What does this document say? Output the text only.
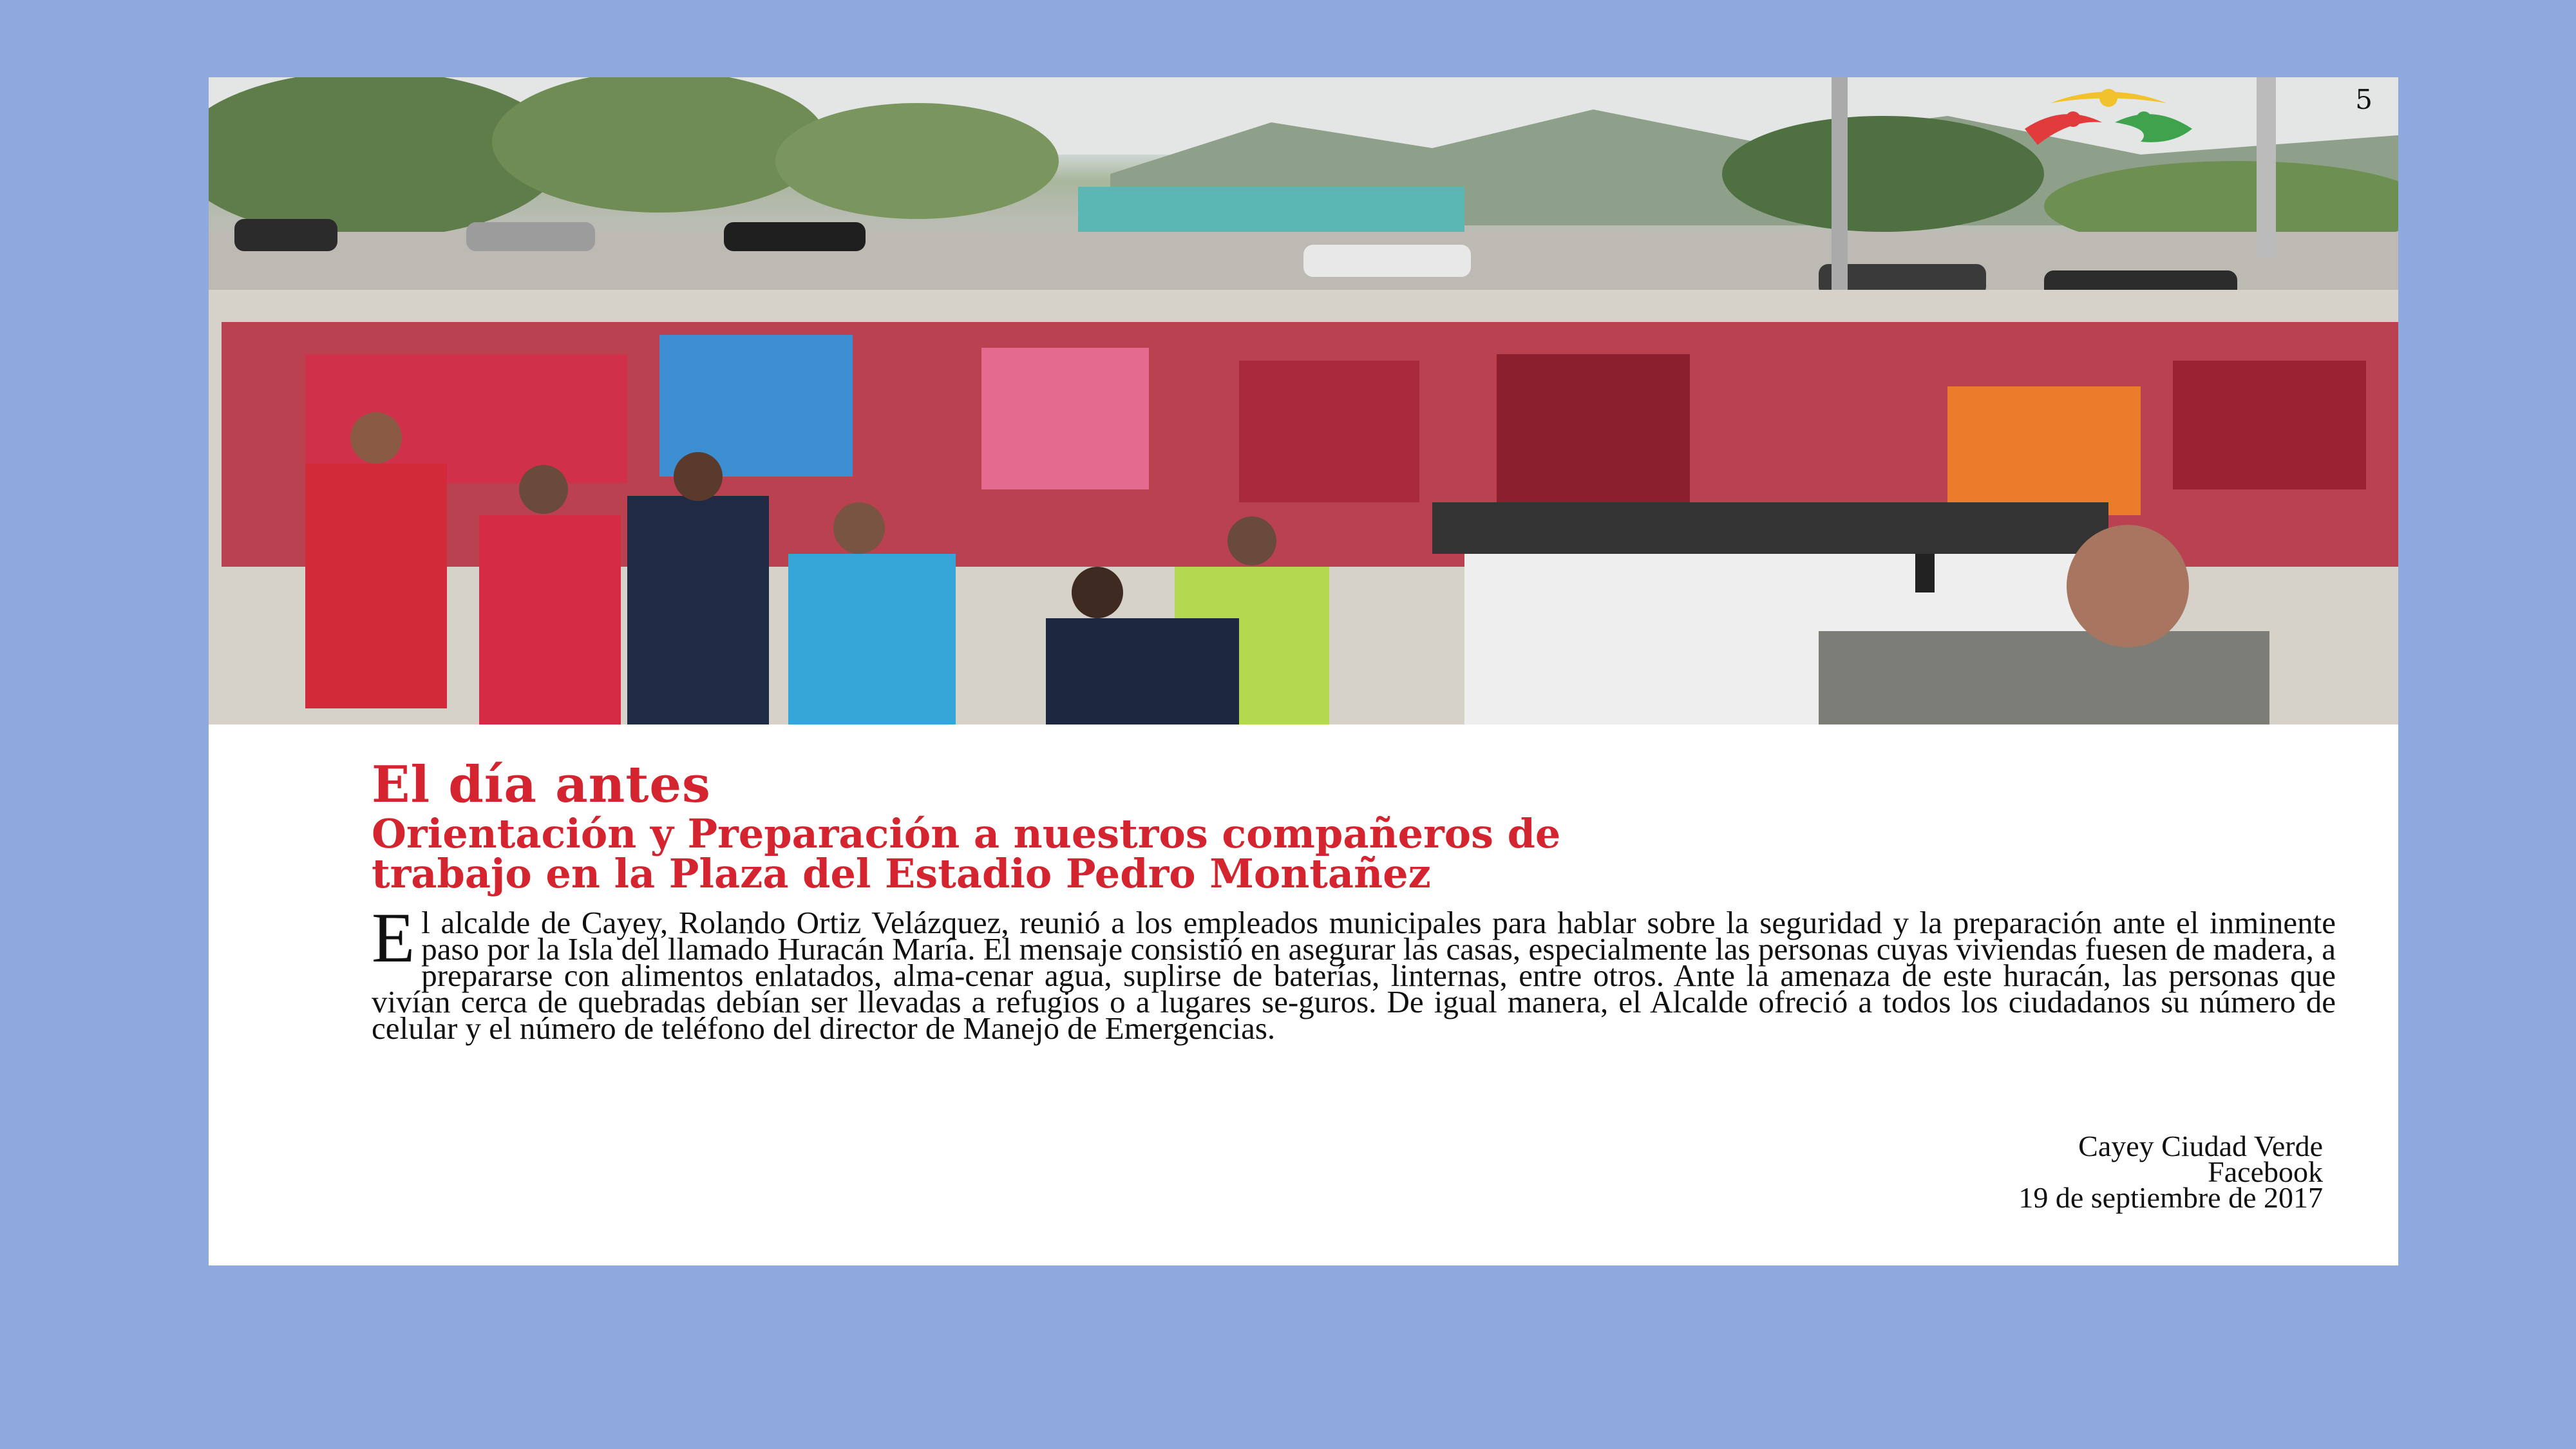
5
El día antes
Orientación y Preparación a nuestros compañeros de
trabajo en la Plaza del Estadio Pedro Montañez
El alcalde de Cayey, Rolando Ortiz Velázquez, reunió a los empleados municipales para hablar sobre la seguridad y la preparación ante el inminente paso por la Isla del llamado Huracán María. El mensaje consistió en asegurar las casas, especialmente las personas cuyas viviendas fuesen de madera, a prepararse con alimentos enlatados, alma-cenar agua, suplirse de baterías, linternas, entre otros. Ante la amenaza de este huracán, las personas que vivían cerca de quebradas debían ser llevadas a refugios o a lugares se-guros. De igual manera, el Alcalde ofreció a todos los ciudadanos su número de celular y el número de teléfono del director de Manejo de Emergencias.
Cayey Ciudad Verde
Facebook
19 de septiembre de 2017
